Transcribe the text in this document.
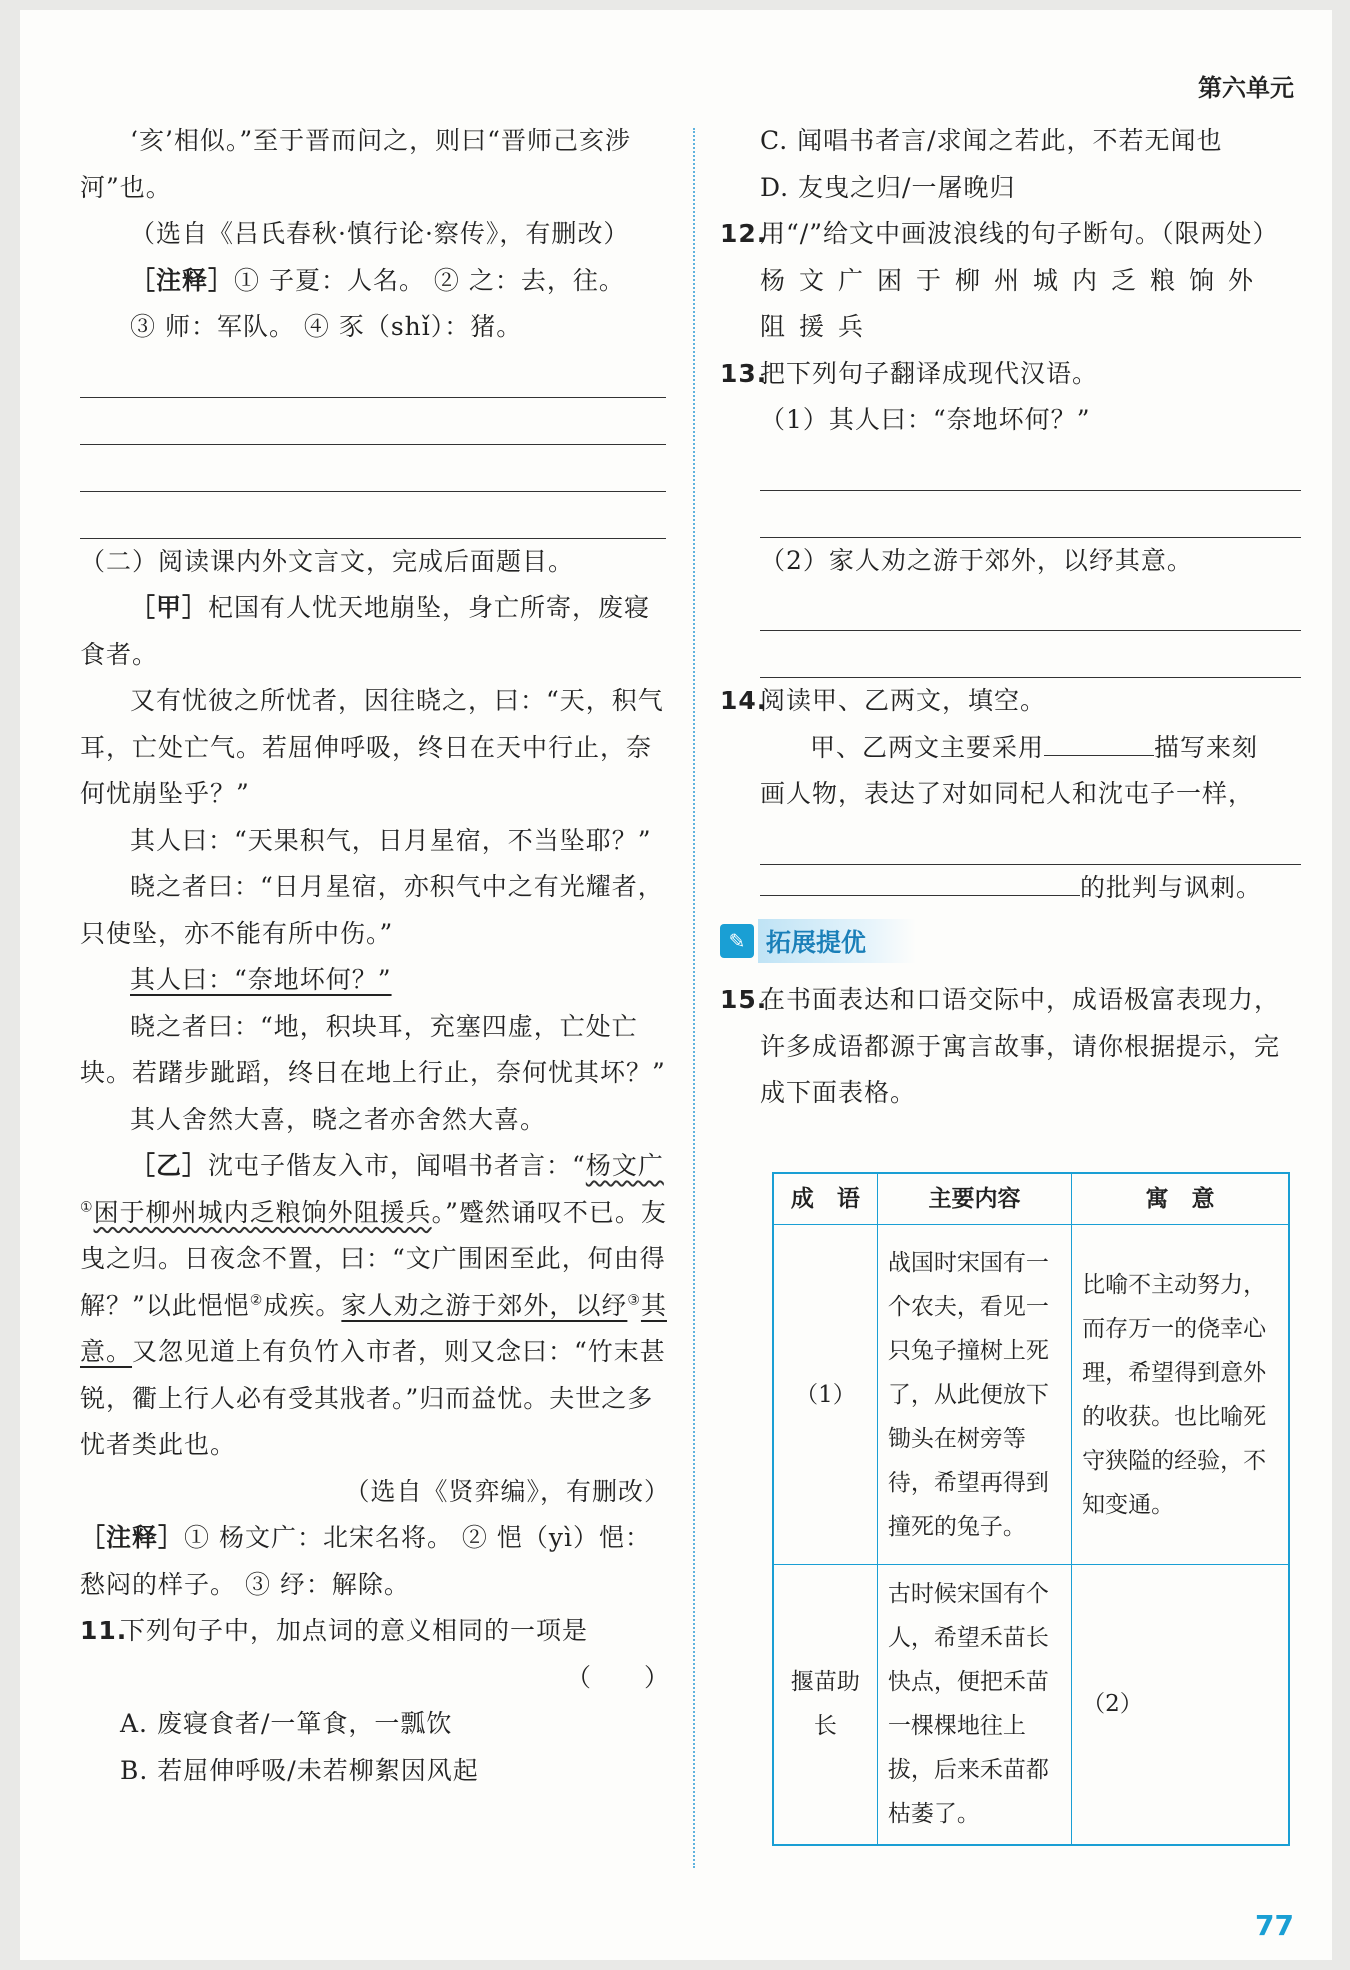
第六单元

‘亥’相似。”至于晋而问之，则曰“晋师己亥涉

河”也。

（选自《吕氏春秋·慎行论·察传》，有删改）

［注释］① 子夏：人名。 ② 之：去，往。

③ 师：军队。 ④ 豕（shǐ）：猪。

（二）阅读课内外文言文，完成后面题目。

［甲］杞国有人忧天地崩坠，身亡所寄，废寝食者。

又有忧彼之所忧者，因往晓之，曰：“天，积气耳，亡处亡气。若屈伸呼吸，终日在天中行止，奈何忧崩坠乎？”

其人曰：“天果积气，日月星宿，不当坠耶？”

晓之者曰：“日月星宿，亦积气中之有光耀者，只使坠，亦不能有所中伤。”

其人曰：“奈地坏何？”

晓之者曰：“地，积块耳，充塞四虚，亡处亡块。若躇步跐蹈，终日在地上行止，奈何忧其坏？”

其人舍然大喜，晓之者亦舍然大喜。

［乙］沈屯子偕友入市，闻唱书者言：“杨文广①困于柳州城内乏粮饷外阻援兵。”蹙然诵叹不已。友曳之归。日夜念不置，曰：“文广围困至此，何由得解？”以此悒悒②成疾。家人劝之游于郊外，以纾③其意。又忽见道上有负竹入市者，则又念曰：“竹末甚锐，衢上行人必有受其戕者。”归而益忧。夫世之多忧者类此也。

（选自《贤弈编》，有删改）

［注释］① 杨文广：北宋名将。 ② 悒（yì）悒：

愁闷的样子。 ③ 纾：解除。

11.下列句子中，加点词的意义相同的一项是

（　　）

A. 废寝食者/一箪食，一瓢饮

B. 若屈伸呼吸/未若柳絮因风起

C. 闻唱书者言/求闻之若此，不若无闻也

D. 友曳之归/一屠晚归

12.用“/”给文中画波浪线的句子断句。（限两处）

杨文广困于柳州城内乏粮饷外阻援兵

13.把下列句子翻译成现代汉语。

（1）其人曰：“奈地坏何？”

（2）家人劝之游于郊外，以纾其意。

14.阅读甲、乙两文，填空。

甲、乙两文主要采用	描写来刻

画人物，表达了对如同杞人和沈屯子一样，

的批判与讽刺。

✎ 拓展提优

15.在书面表达和口语交际中，成语极富表现力，许多成语都源于寓言故事，请你根据提示，完成下面表格。

成　语	主要内容	寓　意
（1）	战国时宋国有一个农夫，看见一只兔子撞树上死了，从此便放下锄头在树旁等待，希望再得到撞死的兔子。	比喻不主动努力，而存万一的侥幸心理，希望得到意外的收获。也比喻死守狭隘的经验，不知变通。
揠苗助长	古时候宋国有个人，希望禾苗长快点，便把禾苗一棵棵地往上拔，后来禾苗都枯萎了。	（2）
77
